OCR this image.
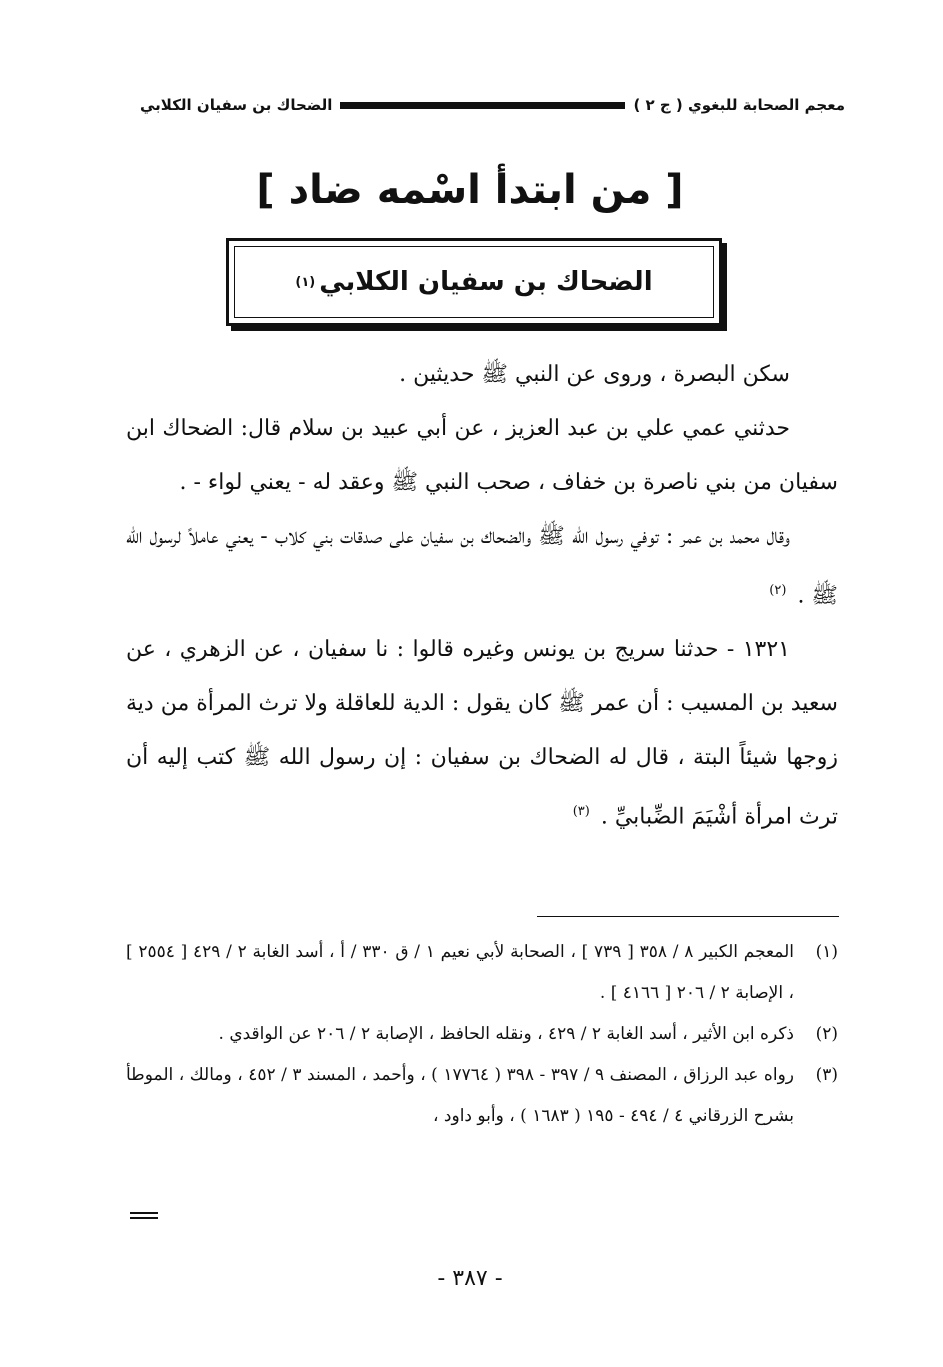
معجم الصحابة للبغوي ( ج ٢ )
الضحاك بن سفيان الكلابي
[ من ابتدأ اسْمه ضاد ]
الضحاك بن سفيان الكلابي
(١)

سكن البصرة ، وروى عن النبي ﷺ حديثين .

حدثني عمي علي بن عبد العزيز ، عن أبي عبيد بن سلام قال: الضحاك ابن سفيان من بني ناصرة بن خفاف ، صحب النبي ﷺ وعقد له - يعني لواء - .

وقال محمد بن عمر : توفي رسول الله ﷺ والضحاك بن سفيان على صدقات بني كلاب - يعني عاملاً لرسول الله ﷺ . $^{(٢)}$

١٣٢١ - حدثنا سريج بن يونس وغيره قالوا : نا سفيان ، عن الزهري ، عن سعيد بن المسيب : أن عمر ﷺ كان يقول : الدية للعاقلة ولا ترث المرأة من دية زوجها شيئاً البتة ، قال له الضحاك بن سفيان : إن رسول الله ﷺ كتب إليه أن ترث امرأة أشْيَمَ الضِّبابيِّ . $^{(٣)}$

(١)
المعجم الكبير ٨ / ٣٥٨ [ ٧٣٩ ] ، الصحابة لأبي نعيم ١ / ق ٣٣٠ / أ ، أسد الغابة ٢ / ٤٢٩ [ ٢٥٥٤ ] ، الإصابة ٢ / ٢٠٦ [ ٤١٦٦ ] .
(٢)
ذكره ابن الأثير ، أسد الغابة ٢ / ٤٢٩ ، ونقله الحافظ ، الإصابة ٢ / ٢٠٦ عن الواقدي .
(٣)
رواه عبد الرزاق ، المصنف ٩ / ٣٩٧ - ٣٩٨ ( ١٧٧٦٤ ) ، وأحمد ، المسند ٣ / ٤٥٢ ، ومالك ، الموطأ بشرح الزرقاني ٤ / ٤٩٤ - ١٩٥ ( ١٦٨٣ ) ، وأبو داود ،
- ٣٨٧ -
